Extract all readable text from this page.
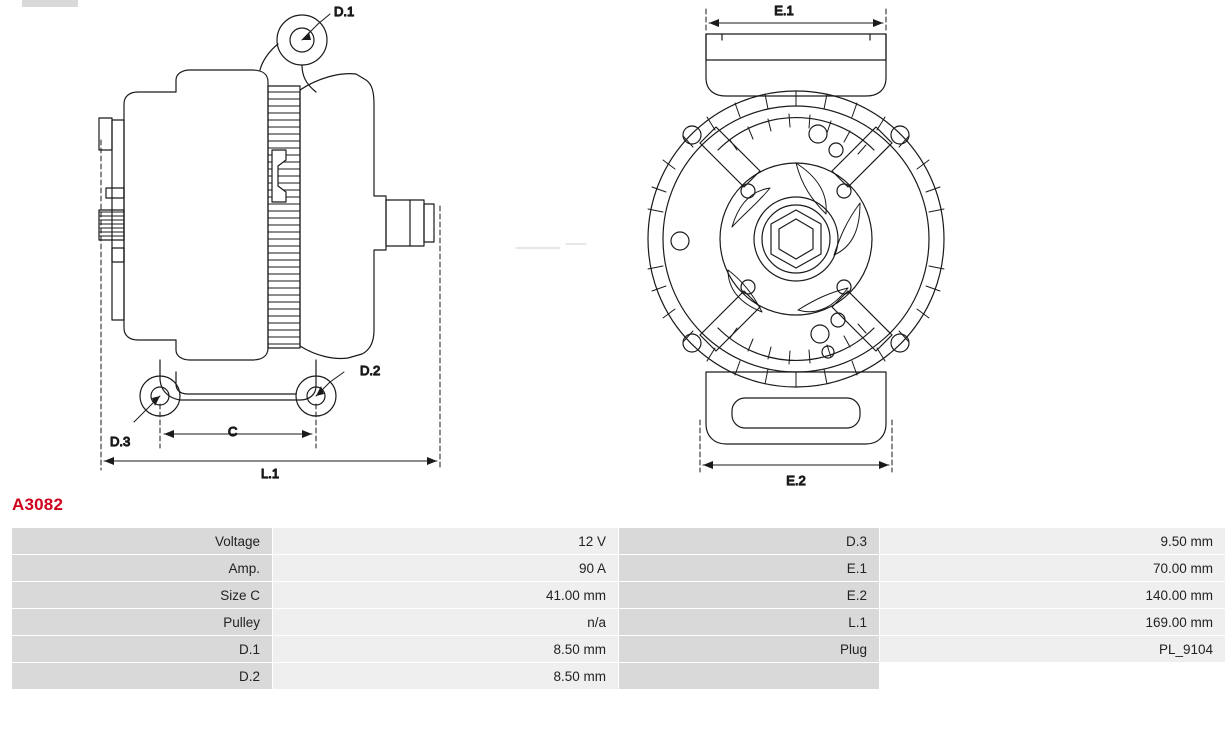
D.1
D.2
D.3
C
L.1
E.1
E.2
A3082
Voltage	12 V	D.3	9.50 mm
Amp.	90 A	E.1	70.00 mm
Size C	41.00 mm	E.2	140.00 mm
Pulley	n/a	L.1	169.00 mm
D.1	8.50 mm	Plug	PL_9104
D.2	8.50 mm		
